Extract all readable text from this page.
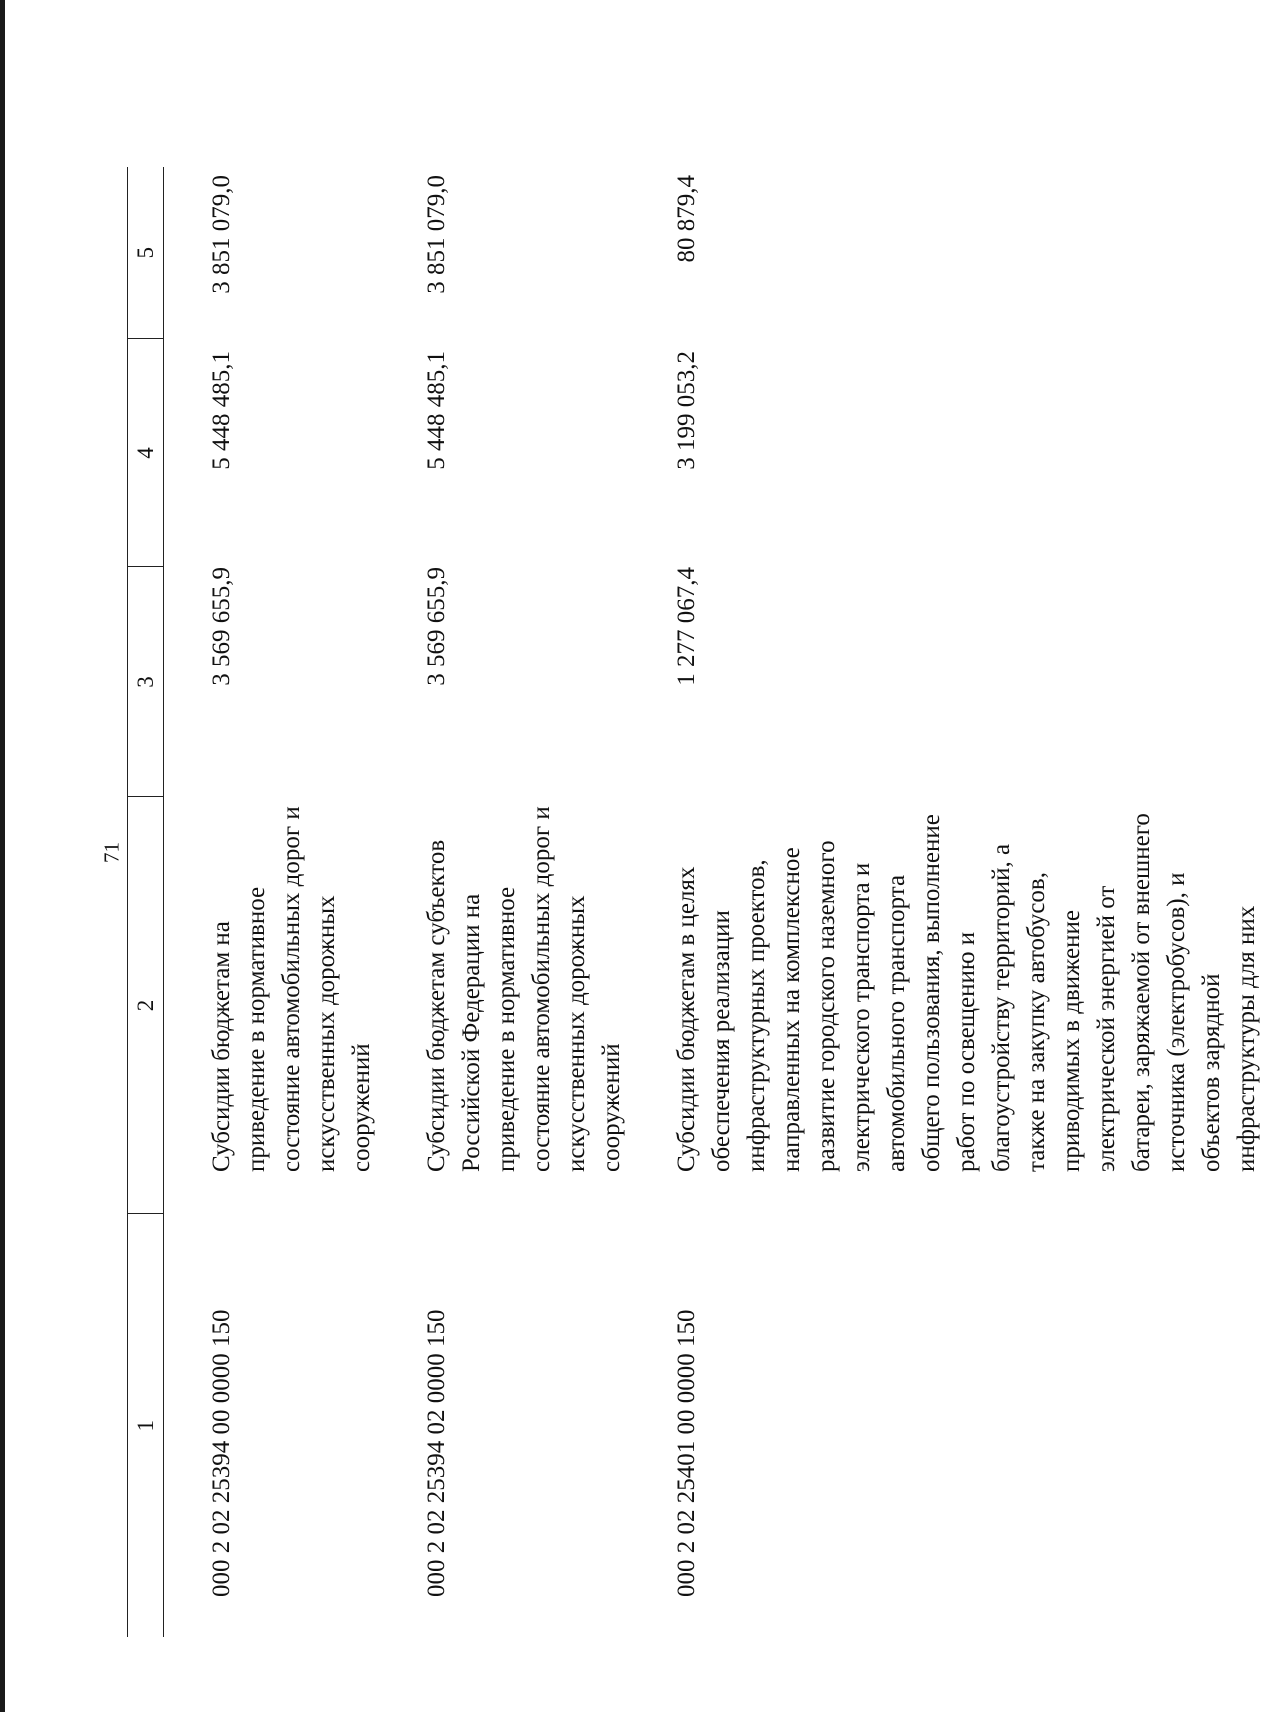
71
1	2	3	4	5
000 2 02 25394 00 0000 150	Субсидии бюджетам на приведение в нормативное состояние автомобильных дорог и искусственных дорожных сооружений	3 569 655,9	5 448 485,1	3 851 079,0
000 2 02 25394 02 0000 150	Субсидии бюджетам субъектов Российской Федерации на приведение в нормативное состояние автомобильных дорог и искусственных дорожных сооружений	3 569 655,9	5 448 485,1	3 851 079,0
000 2 02 25401 00 0000 150	Субсидии бюджетам в целях обеспечения реализации инфраструктурных проектов, направленных на комплексное развитие городского наземного электрического транспорта и автомобильного транспорта общего пользования, выполнение работ по освещению и благоустройству территорий, а также на закупку автобусов, приводимых в движение электрической энергией от батареи, заряжаемой от внешнего источника (электробусов), и объектов зарядной инфраструктуры для них	1 277 067,4	3 199 053,2	80 879,4
